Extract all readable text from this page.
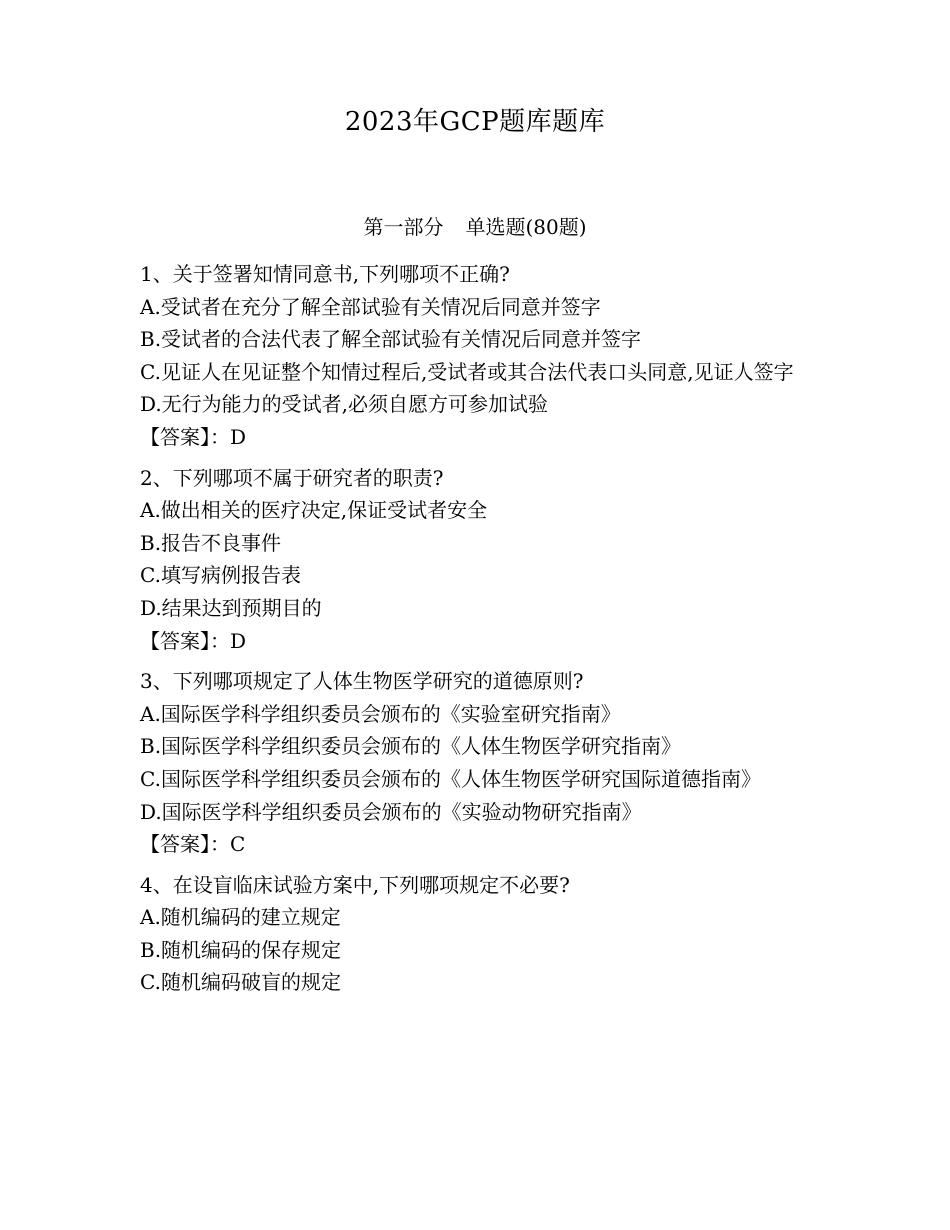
2023年GCP题库题库
第一部分 单选题(80题)
1、关于签署知情同意书,下列哪项不正确?
A.受试者在充分了解全部试验有关情况后同意并签字
B.受试者的合法代表了解全部试验有关情况后同意并签字
C.见证人在见证整个知情过程后,受试者或其合法代表口头同意,见证人签字
D.无行为能力的受试者,必须自愿方可参加试验
【答案】：D
2、下列哪项不属于研究者的职责?
A.做出相关的医疗决定,保证受试者安全
B.报告不良事件
C.填写病例报告表
D.结果达到预期目的
【答案】：D
3、下列哪项规定了人体生物医学研究的道德原则?
A.国际医学科学组织委员会颁布的《实验室研究指南》
B.国际医学科学组织委员会颁布的《人体生物医学研究指南》
C.国际医学科学组织委员会颁布的《人体生物医学研究国际道德指南》
D.国际医学科学组织委员会颁布的《实验动物研究指南》
【答案】：C
4、在设盲临床试验方案中,下列哪项规定不必要?
A.随机编码的建立规定
B.随机编码的保存规定
C.随机编码破盲的规定
